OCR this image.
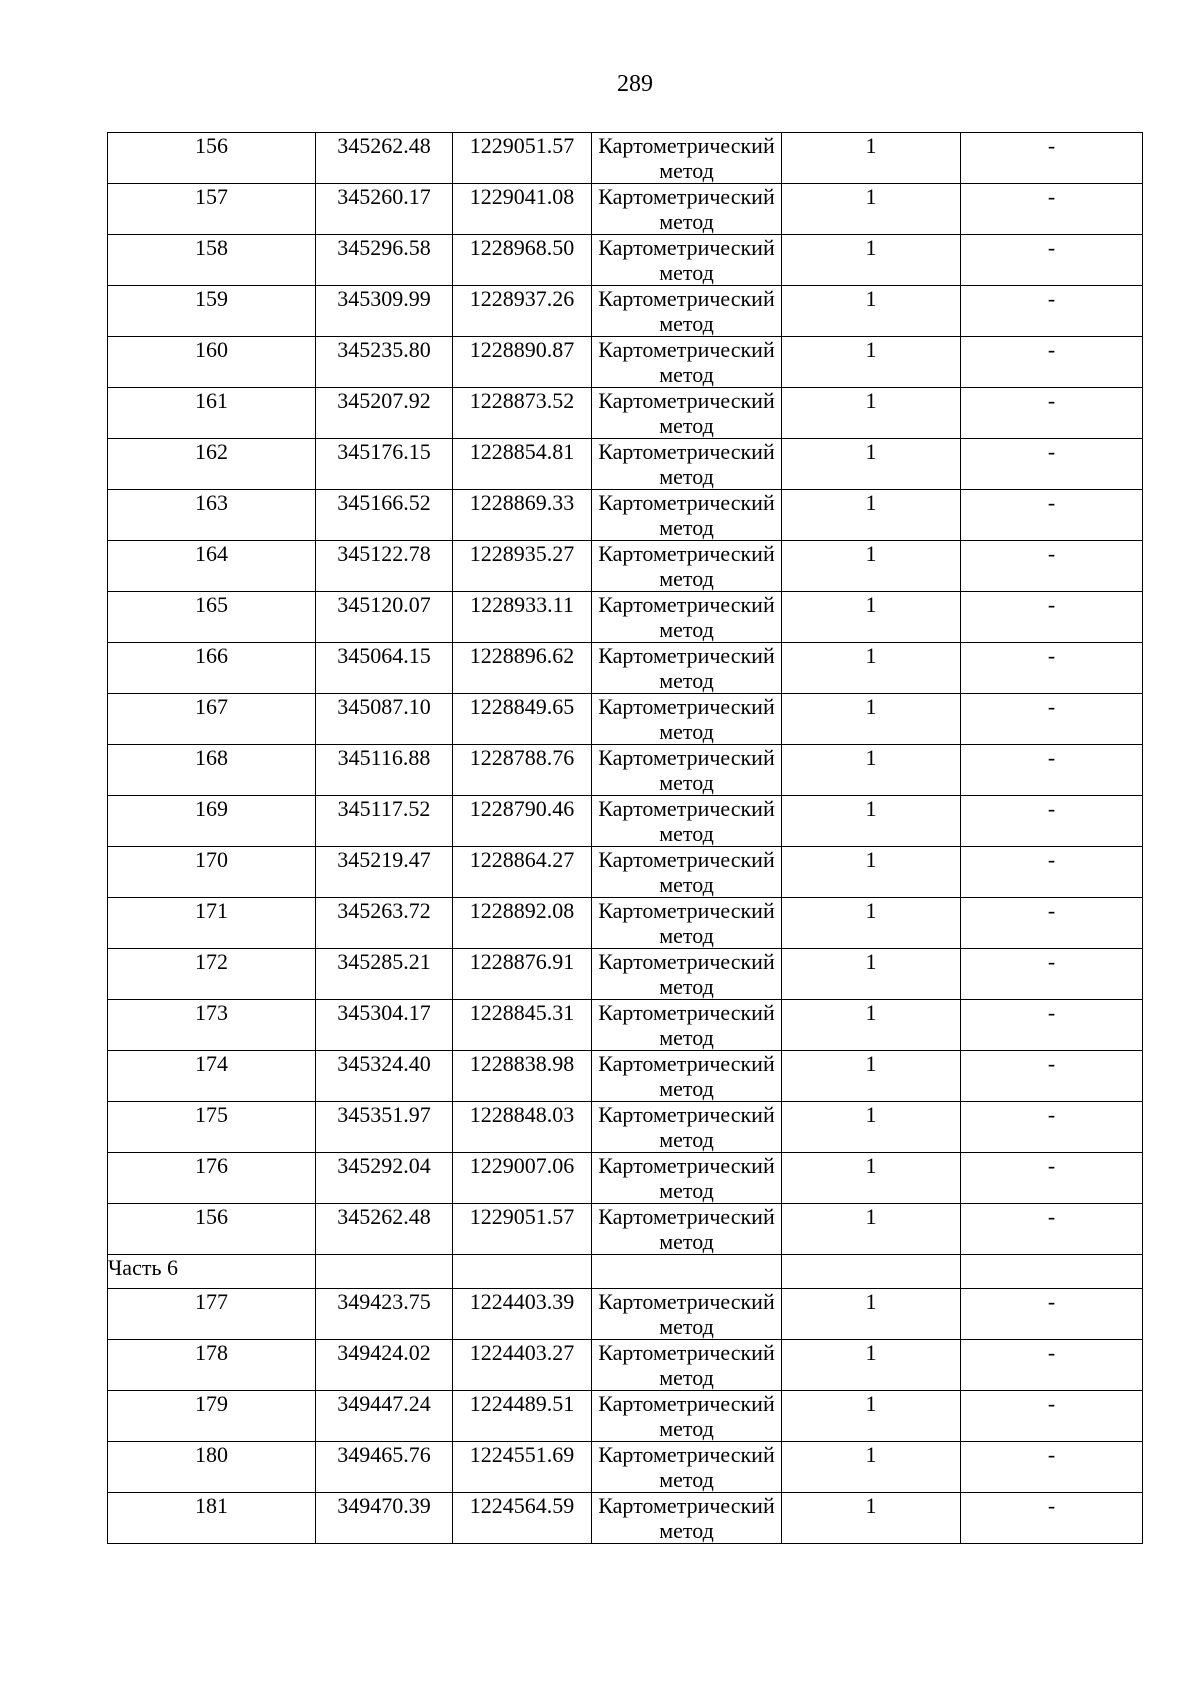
289
156	345262.48	1229051.57	Картометрический метод	1	-
157	345260.17	1229041.08	Картометрический метод	1	-
158	345296.58	1228968.50	Картометрический метод	1	-
159	345309.99	1228937.26	Картометрический метод	1	-
160	345235.80	1228890.87	Картометрический метод	1	-
161	345207.92	1228873.52	Картометрический метод	1	-
162	345176.15	1228854.81	Картометрический метод	1	-
163	345166.52	1228869.33	Картометрический метод	1	-
164	345122.78	1228935.27	Картометрический метод	1	-
165	345120.07	1228933.11	Картометрический метод	1	-
166	345064.15	1228896.62	Картометрический метод	1	-
167	345087.10	1228849.65	Картометрический метод	1	-
168	345116.88	1228788.76	Картометрический метод	1	-
169	345117.52	1228790.46	Картометрический метод	1	-
170	345219.47	1228864.27	Картометрический метод	1	-
171	345263.72	1228892.08	Картометрический метод	1	-
172	345285.21	1228876.91	Картометрический метод	1	-
173	345304.17	1228845.31	Картометрический метод	1	-
174	345324.40	1228838.98	Картометрический метод	1	-
175	345351.97	1228848.03	Картометрический метод	1	-
176	345292.04	1229007.06	Картометрический метод	1	-
156	345262.48	1229051.57	Картометрический метод	1	-
Часть 6					
177	349423.75	1224403.39	Картометрический метод	1	-
178	349424.02	1224403.27	Картометрический метод	1	-
179	349447.24	1224489.51	Картометрический метод	1	-
180	349465.76	1224551.69	Картометрический метод	1	-
181	349470.39	1224564.59	Картометрический метод	1	-
